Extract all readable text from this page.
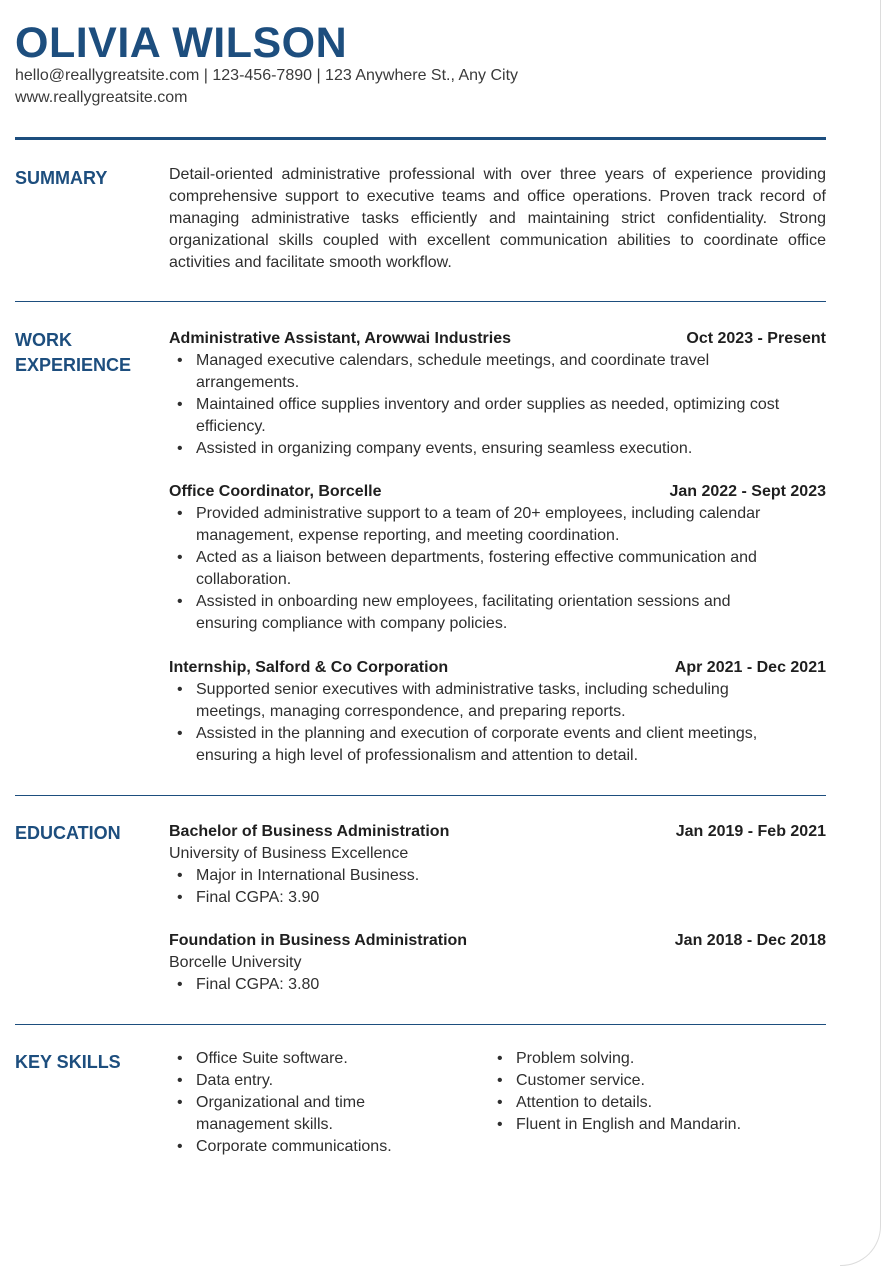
OLIVIA WILSON
hello@reallygreatsite.com | 123-456-7890 | 123 Anywhere St., Any City
www.reallygreatsite.com
SUMMARY	Detail-oriented administrative professional with over three years of experience providing comprehensive support to executive teams and office operations. Proven track record of managing administrative tasks efficiently and maintaining strict confidentiality. Strong organizational skills coupled with excellent communication abilities to coordinate office activities and facilitate smooth workflow.
WORK
EXPERIENCE
Administrative Assistant, Arowwai Industries	Oct 2023 - Present
• Managed executive calendars, schedule meetings, and coordinate travel arrangements.
• Maintained office supplies inventory and order supplies as needed, optimizing cost efficiency.
• Assisted in organizing company events, ensuring seamless execution.
Office Coordinator, Borcelle	Jan 2022 - Sept 2023
• Provided administrative support to a team of 20+ employees, including calendar management, expense reporting, and meeting coordination.
• Acted as a liaison between departments, fostering effective communication and collaboration.
• Assisted in onboarding new employees, facilitating orientation sessions and ensuring compliance with company policies.
Internship, Salford & Co Corporation	Apr 2021 - Dec 2021
• Supported senior executives with administrative tasks, including scheduling meetings, managing correspondence, and preparing reports.
• Assisted in the planning and execution of corporate events and client meetings, ensuring a high level of professionalism and attention to detail.
EDUCATION	Bachelor of Business Administration	Jan 2019 - Feb 2021
University of Business Excellence
• Major in International Business.
• Final CGPA: 3.90
Foundation in Business Administration	Jan 2018 - Dec 2018
Borcelle University
• Final CGPA: 3.80
KEY SKILLS
•	Office Suite software.
• Data entry.
• Organizational and time management skills.
• Corporate communications.
• Problem solving.
• Customer service.
• Attention to details.
• Fluent in English and Mandarin.
